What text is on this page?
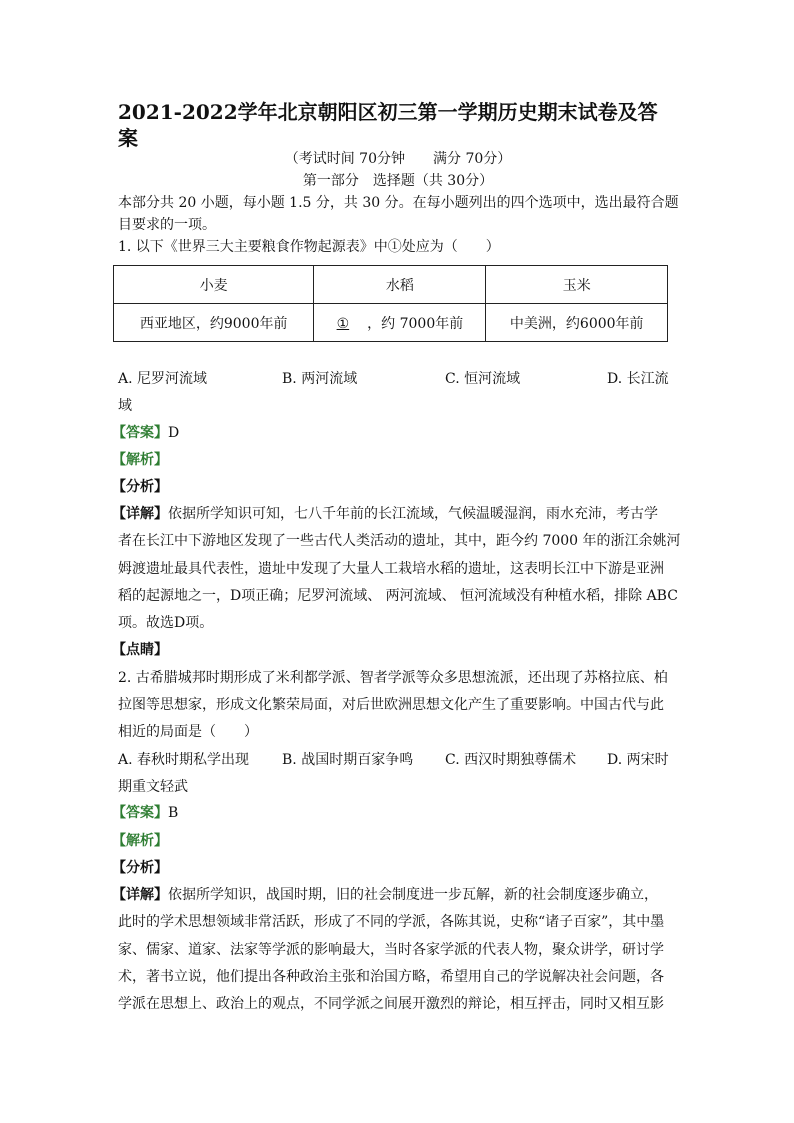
2021-2022学年北京朝阳区初三第一学期历史期末试卷及答
案
（考试时间 70分钟　　满分 70分）
第一部分　选择题（共 30分）
本部分共 20 小题，每小题 1.5 分，共 30 分。在每小题列出的四个选项中，选出最符合题
目要求的一项。
1. 以下《世界三大主要粮食作物起源表》中①处应为（　　）
小麦	水稻	玉米
西亚地区，约9000年前	① ，约 7000年前	中美洲，约6000年前
A. 尼罗河流域	B. 两河流域	C. 恒河流域	D. 长江流
域
【答案】D
【解析】
【分析】
【详解】依据所学知识可知，七八千年前的长江流域，气候温暖湿润，雨水充沛，考古学
者在长江中下游地区发现了一些古代人类活动的遗址，其中，距今约 7000 年的浙江余姚河
姆渡遗址最具代表性，遗址中发现了大量人工栽培水稻的遗址，这表明长江中下游是亚洲
稻的起源地之一，D项正确；尼罗河流域、 两河流域、 恒河流域没有种植水稻，排除 ABC
项。故选D项。
【点睛】
2. 古希腊城邦时期形成了米利都学派、智者学派等众多思想流派，还出现了苏格拉底、柏
拉图等思想家，形成文化繁荣局面，对后世欧洲思想文化产生了重要影响。中国古代与此
相近的局面是（　　）
A. 春秋时期私学出现 B. 战国时期百家争鸣 C. 西汉时期独尊儒术 D. 两宋时
期重文轻武
【答案】B
【解析】
【分析】
【详解】依据所学知识，战国时期，旧的社会制度进一步瓦解，新的社会制度逐步确立，
此时的学术思想领域非常活跃，形成了不同的学派，各陈其说，史称“诸子百家”，其中墨
家、儒家、道家、法家等学派的影响最大，当时各家学派的代表人物，聚众讲学，研讨学
术，著书立说，他们提出各种政治主张和治国方略，希望用自己的学说解决社会问题，各
学派在思想上、政治上的观点，不同学派之间展开激烈的辩论，相互抨击，同时又相互影
